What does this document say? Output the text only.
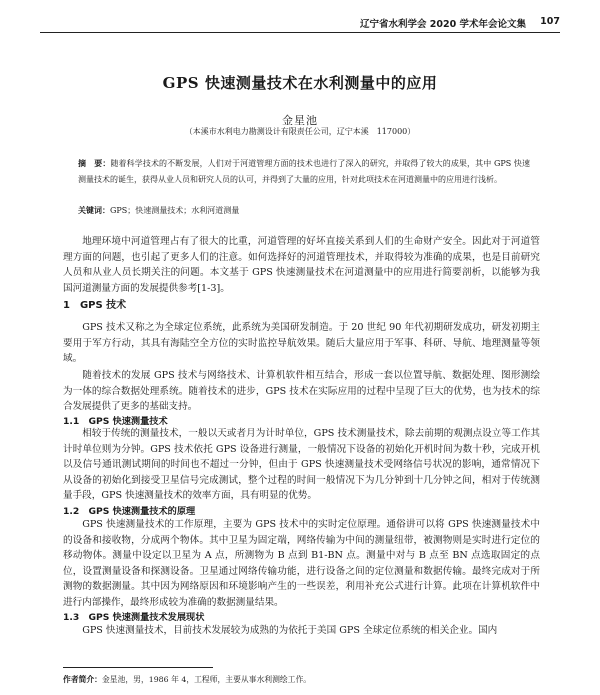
辽宁省水利学会 2020 学术年会论文集 107
GPS 快速测量技术在水利测量中的应用
金星池
（本溪市水利电力勘测设计有限责任公司，辽宁本溪　117000）
摘　要：随着科学技术的不断发展，人们对于河道管理方面的技术也进行了深入的研究，并取得了较大的成果，其中 GPS 快速测量技术的诞生，获得从业人员和研究人员的认可，并得到了大量的应用，针对此项技术在河道测量中的应用进行浅析。
关键词：GPS；快速测量技术；水利河道测量

地理环境中河道管理占有了很大的比重，河道管理的好坏直接关系到人们的生命财产安全。因此对于河道管理方面的问题，也引起了更多人们的注意。如何选择好的河道管理技术，并取得较为准确的成果，也是目前研究人员和从业人员长期关注的问题。本文基于 GPS 快速测量技术在河道测量中的应用进行简要剖析，以能够为我国河道测量方面的发展提供参考[1-3]。

1　GPS 技术

GPS 技术又称之为全球定位系统，此系统为美国研发制造。于 20 世纪 90 年代初期研发成功，研发初期主要用于军方行动，其具有海陆空全方位的实时监控导航效果。随后大量应用于军事、科研、导航、地理测量等领域。

随着技术的发展 GPS 技术与网络技术、计算机软件相互结合，形成一套以位置导航、数据处理、图形测绘为一体的综合数据处理系统。随着技术的进步，GPS 技术在实际应用的过程中呈现了巨大的优势，也为技术的综合发展提供了更多的基础支持。

1.1　GPS 快速测量技术

相较于传统的测量技术，一般以天或者月为计时单位，GPS 技术测量技术，除去前期的观测点设立等工作其计时单位则为分钟。GPS 技术依托 GPS 设备进行测量，一般情况下设备的初始化开机时间为数十秒，完成开机以及信号通讯测试期间的时间也不超过一分钟，但由于 GPS 快速测量技术受网络信号状况的影响，通常情况下从设备的初始化到接受卫星信号完成测试，整个过程的时间一般情况下为几分钟到十几分钟之间，相对于传统测量手段，GPS 快速测量技术的效率方面，具有明显的优势。

1.2　GPS 快速测量技术的原理

GPS 快速测量技术的工作原理，主要为 GPS 技术中的实时定位原理。通俗讲可以将 GPS 快速测量技术中的设备和接收物，分成两个物体。其中卫星为固定端，网络传输为中间的测量纽带，被测物则是实时进行定位的移动物体。测量中设定以卫星为 A 点，所测物为 B 点到 B1-BN 点。测量中对与 B 点至 BN 点选取固定的点位，设置测量设备和探测设备。卫星通过网络传输功能，进行设备之间的定位测量和数据传输。最终完成对于所测物的数据测量。其中因为网络原因和环境影响产生的一些误差，利用补充公式进行计算。此项在计算机软件中进行内部操作，最终形成较为准确的数据测量结果。

1.3　GPS 快速测量技术发展现状

GPS 快速测量技术，目前技术发展较为成熟的为依托于美国 GPS 全球定位系统的相关企业。国内

作者简介：金星池，男，1986 年 4，工程师，主要从事水利测绘工作。
